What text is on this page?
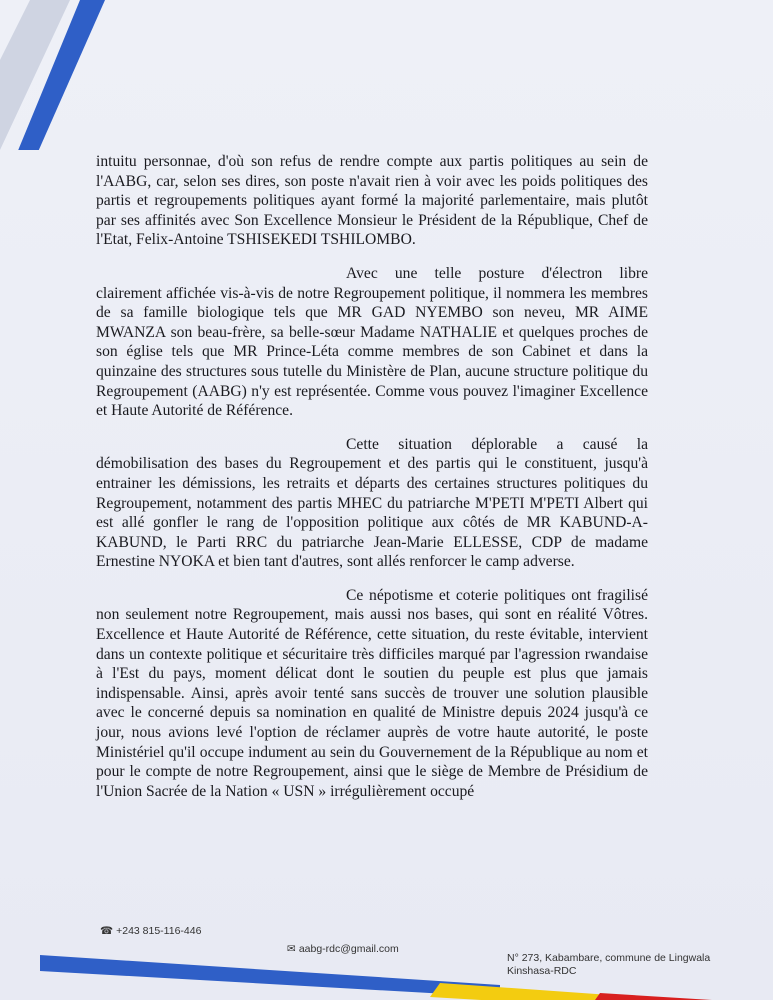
intuitu personnae, d'où son refus de rendre compte aux partis politiques au sein de l'AABG, car, selon ses dires, son poste n'avait rien à voir avec les poids politiques des partis et regroupements politiques ayant formé la majorité parlementaire, mais plutôt par ses affinités avec Son Excellence Monsieur le Président de la République, Chef de l'Etat, Felix-Antoine TSHISEKEDI TSHILOMBO.

Avec une telle posture d'électron libre clairement affichée vis-à-vis de notre Regroupement politique, il nommera les membres de sa famille biologique tels que MR GAD NYEMBO son neveu, MR AIME MWANZA son beau-frère, sa belle-sœur Madame NATHALIE et quelques proches de son église tels que MR Prince-Léta comme membres de son Cabinet et dans la quinzaine des structures sous tutelle du Ministère de Plan, aucune structure politique du Regroupement (AABG) n'y est représentée. Comme vous pouvez l'imaginer Excellence et Haute Autorité de Référence.

Cette situation déplorable a causé la démobilisation des bases du Regroupement et des partis qui le constituent, jusqu'à entrainer les démissions, les retraits et départs des certaines structures politiques du Regroupement, notamment des partis MHEC du patriarche M'PETI M'PETI Albert qui est allé gonfler le rang de l'opposition politique aux côtés de MR KABUND-A-KABUND, le Parti RRC du patriarche Jean-Marie ELLESSE, CDP de madame Ernestine NYOKA et bien tant d'autres, sont allés renforcer le camp adverse.

Ce népotisme et coterie politiques ont fragilisé non seulement notre Regroupement, mais aussi nos bases, qui sont en réalité Vôtres. Excellence et Haute Autorité de Référence, cette situation, du reste évitable, intervient dans un contexte politique et sécuritaire très difficiles marqué par l'agression rwandaise à l'Est du pays, moment délicat dont le soutien du peuple est plus que jamais indispensable. Ainsi, après avoir tenté sans succès de trouver une solution plausible avec le concerné depuis sa nomination en qualité de Ministre depuis 2024 jusqu'à ce jour, nous avions levé l'option de réclamer auprès de votre haute autorité, le poste Ministériel qu'il occupe indument au sein du Gouvernement de la République au nom et pour le compte de notre Regroupement, ainsi que le siège de Membre de Présidium de l'Union Sacrée de la Nation « USN » irrégulièrement occupé

☎ +243 815-116-446
✉ aabg-rdc@gmail.com
N° 273, Kabambare, commune de Lingwala
Kinshasa-RDC
